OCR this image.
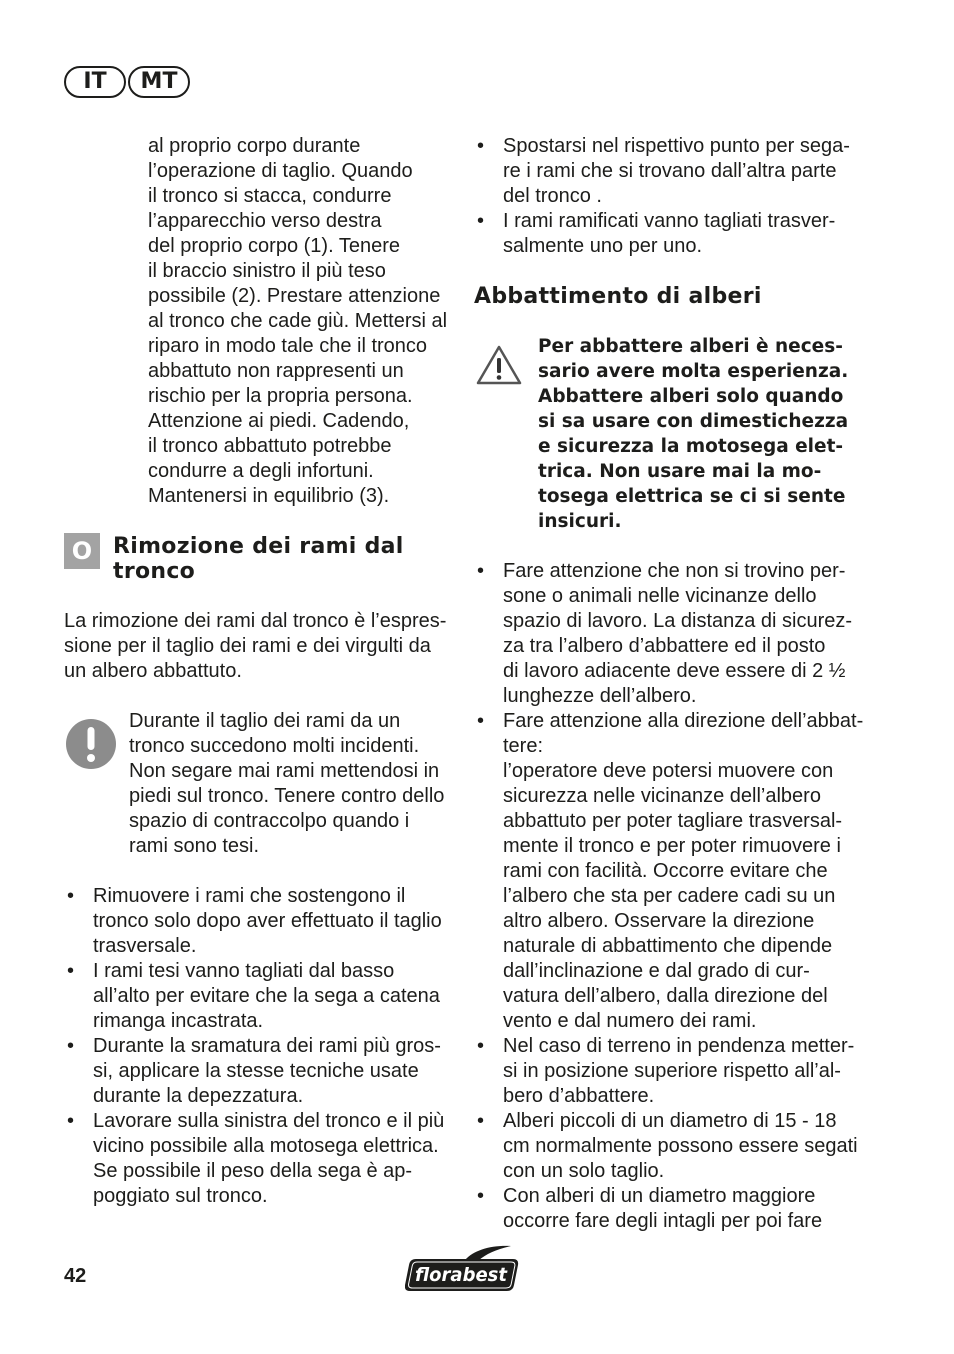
IT	MT

al proprio corpo durante
l’operazione di taglio. Quando
il tronco si stacca, condurre
l’apparecchio verso destra
del proprio corpo (1). Tenere
il braccio sinistro il più teso
possibile (2). Prestare attenzione
al tronco che cade giù. Mettersi al
riparo in modo tale che il tronco
abbattuto non rappresenti un
rischio per la propria persona.
Attenzione ai piedi. Cadendo,
il tronco abbattuto potrebbe
condurre a degli infortuni.
Mantenersi in equilibrio (3).

O Rimozione dei rami dal
tronco

La rimozione dei rami dal tronco è l’espres-
sione per il taglio dei rami e dei virgulti da
un albero abbattuto.

Durante il taglio dei rami da un
tronco succedono molti incidenti.
Non segare mai rami mettendosi in
piedi sul tronco. Tenere contro dello
spazio di contraccolpo quando i
rami sono tesi.

• Rimuovere i rami che sostengono il
tronco solo dopo aver effettuato il taglio
trasversale.
• I rami tesi vanno tagliati dal basso
all’alto per evitare che la sega a catena
rimanga incastrata.
• Durante la sramatura dei rami più gros-
si, applicare la stesse tecniche usate
durante la depezzatura.
• Lavorare sulla sinistra del tronco e il più
vicino possibile alla motosega elettrica.
Se possibile il peso della sega è ap-
poggiato sul tronco.
• Spostarsi nel rispettivo punto per sega-
re i rami che si trovano dall’altra parte
del tronco .
• I rami ramificati vanno tagliati trasver-
salmente uno per uno.
Abbattimento di alberi

Per abbattere alberi è neces-
sario avere molta esperienza.
Abbattere alberi solo quando
si sa usare con dimestichezza
e sicurezza la motosega elet-
trica. Non usare mai la mo-
tosega elettrica se ci si sente
insicuri.

• Fare attenzione che non si trovino per-
sone o animali nelle vicinanze dello
spazio di lavoro. La distanza di sicurez-
za tra l’albero d’abbattere ed il posto
di lavoro adiacente deve essere di 2 ½
lunghezze dell’albero.
• Fare attenzione alla direzione dell’abbat-
tere:
l’operatore deve potersi muovere con
sicurezza nelle vicinanze dell’albero
abbattuto per poter tagliare trasversal-
mente il tronco e per poter rimuovere i
rami con facilità. Occorre evitare che
l’albero che sta per cadere cadi su un
altro albero. Osservare la direzione
naturale di abbattimento che dipende
dall’inclinazione e dal grado di cur-
vatura dell’albero, dalla direzione del
vento e dal numero dei rami.
• Nel caso di terreno in pendenza metter-
si in posizione superiore rispetto all’al-
bero d’abbattere.
• Alberi piccoli di un diametro di 15 - 18
cm normalmente possono essere segati
con un solo taglio.
• Con alberi di un diametro maggiore
occorre fare degli intagli per poi fare
42	florabest
